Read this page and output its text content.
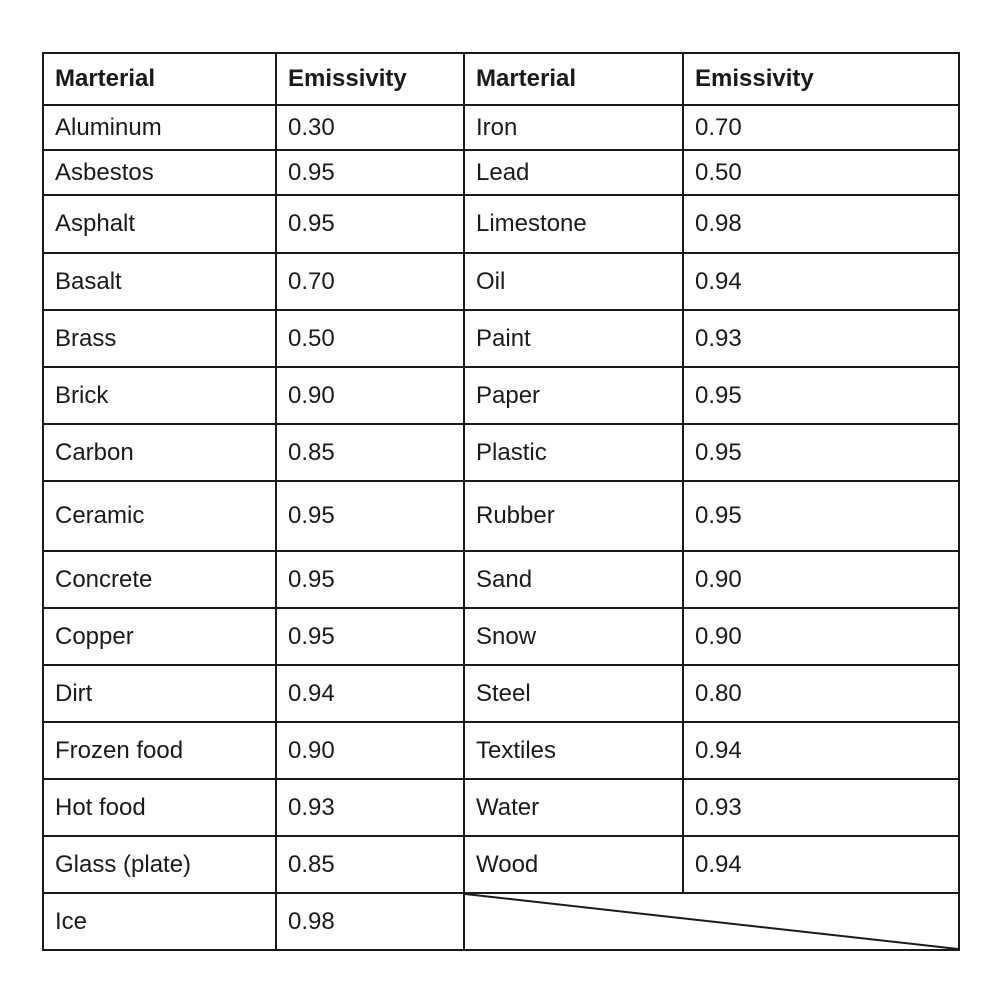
Marterial	Emissivity	Marterial	Emissivity
Aluminum	0.30	Iron	0.70
Asbestos	0.95	Lead	0.50
Asphalt	0.95	Limestone	0.98
Basalt	0.70	Oil	0.94
Brass	0.50	Paint	0.93
Brick	0.90	Paper	0.95
Carbon	0.85	Plastic	0.95
Ceramic	0.95	Rubber	0.95
Concrete	0.95	Sand	0.90
Copper	0.95	Snow	0.90
Dirt	0.94	Steel	0.80
Frozen food	0.90	Textiles	0.94
Hot food	0.93	Water	0.93
Glass (plate)	0.85	Wood	0.94
Ice	0.98	
